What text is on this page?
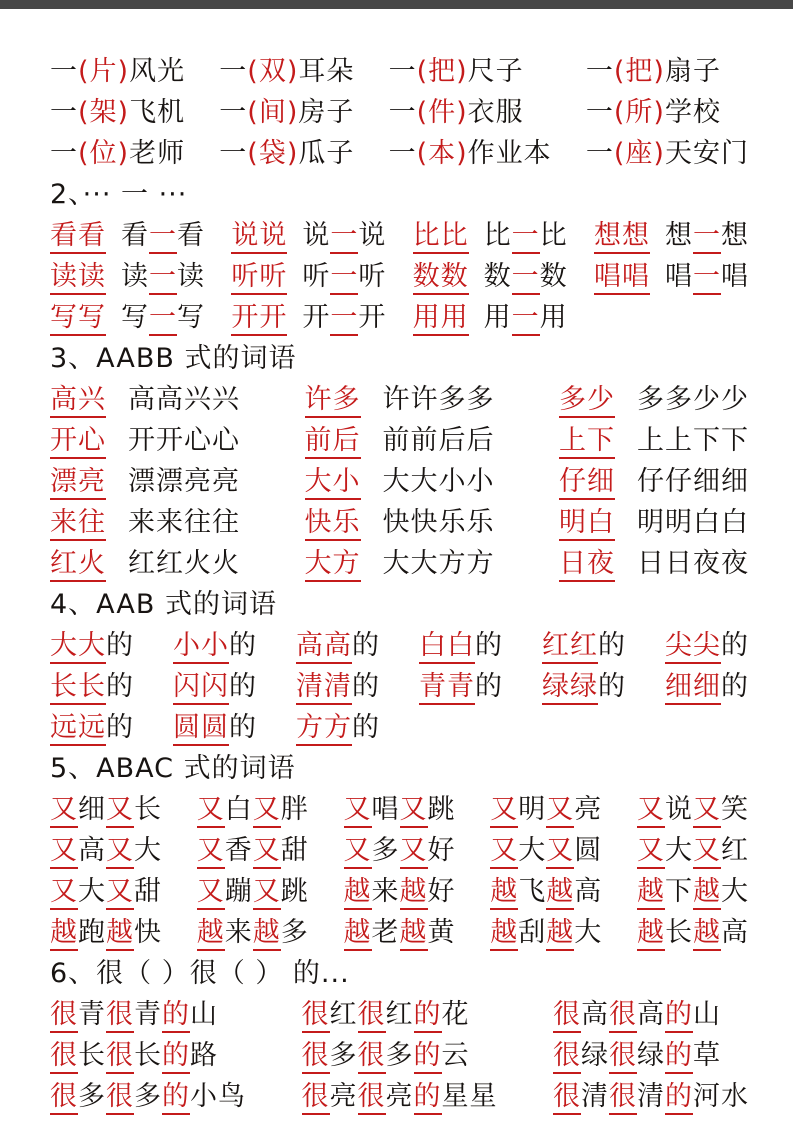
一(片)风光 一(双)耳朵 一(把)尺子 一(把)扇子
一(架)飞机 一(间)房子 一(件)衣服 一(所)学校
一(位)老师 一(袋)瓜子 一(本)作业本 一(座)天安门
2、··· 一 ···
看看 看一看 说说 说一说 比比 比一比 想想 想一想
读读 读一读 听听 听一听 数数 数一数 唱唱 唱一唱
写写 写一写 开开 开一开 用用 用一用
3、AABB 式的词语
高兴 高高兴兴 许多 许许多多 多少 多多少少
开心 开开心心 前后 前前后后 上下 上上下下
漂亮 漂漂亮亮 大小 大大小小 仔细 仔仔细细
来往 来来往往 快乐 快快乐乐 明白 明明白白
红火 红红火火 大方 大大方方 日夜 日日夜夜
4、AAB 式的词语
大大的 小小的 高高的 白白的 红红的 尖尖的
长长的 闪闪的 清清的 青青的 绿绿的 细细的
远远的 圆圆的 方方的
5、ABAC 式的词语
又细又长 又白又胖 又唱又跳 又明又亮 又说又笑
又高又大 又香又甜 又多又好 又大又圆 又大又红
又大又甜 又蹦又跳 越来越好 越飞越高 越下越大
越跑越快 越来越多 越老越黄 越刮越大 越长越高
6、很（ ）很（ ） 的...
很青很青的山	很红很红的花	很高很高的山
很长很长的路	很多很多的云	很绿很绿的草
很多很多的小鸟 很亮很亮的星星 很清很清的河水
